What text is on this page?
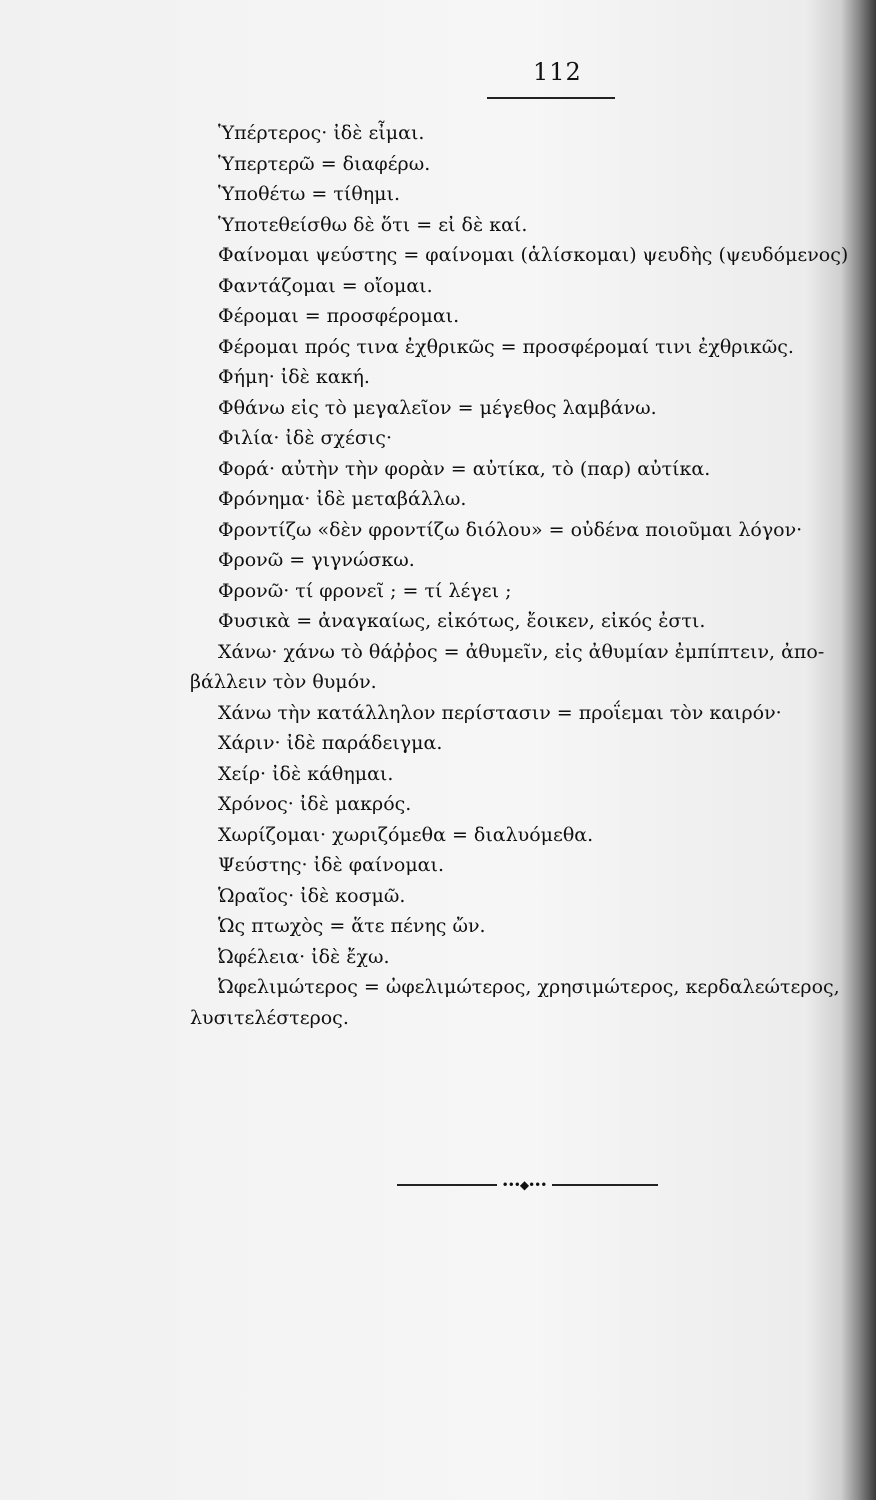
112
Ὑπέρτερος· ἰδὲ εἶμαι.
Ὑπερτερῶ = διαφέρω.
Ὑποθέτω = τίθημι.
Ὑποτεθείσθω δὲ ὅτι = εἰ δὲ καί.
Φαίνομαι ψεύστης = φαίνομαι (ἁλίσκομαι) ψευδὴς (ψευδόμενος)
Φαντάζομαι = οἴομαι.
Φέρομαι = προσφέρομαι.
Φέρομαι πρός τινα ἐχθρικῶς = προσφέρομαί τινι ἐχθρικῶς.
Φήμη· ἰδὲ κακή.
Φθάνω εἰς τὸ μεγαλεῖον = μέγεθος λαμβάνω.
Φιλία· ἰδὲ σχέσις·
Φορά· αὐτὴν τὴν φορὰν = αὐτίκα, τὸ (παρ) αὐτίκα.
Φρόνημα· ἰδὲ μεταβάλλω.
Φροντίζω «δὲν φροντίζω διόλου» = οὐδένα ποιοῦμαι λόγον·
Φρονῶ = γιγνώσκω.
Φρονῶ· τί φρονεῖ ; = τί λέγει ;
Φυσικὰ = ἀναγκαίως, εἰκότως, ἔοικεν, εἰκός ἐστι.
Χάνω· χάνω τὸ θάῤῥος = ἀθυμεῖν, εἰς ἀθυμίαν ἐμπίπτειν, ἀπο-
βάλλειν τὸν θυμόν.
Χάνω τὴν κατάλληλον περίστασιν = προΐεμαι τὸν καιρόν·
Χάριν· ἰδὲ παράδειγμα.
Χείρ· ἰδὲ κάθημαι.
Χρόνος· ἰδὲ μακρός.
Χωρίζομαι· χωριζόμεθα = διαλυόμεθα.
Ψεύστης· ἰδὲ φαίνομαι.
Ὡραῖος· ἰδὲ κοσμῶ.
Ὡς πτωχὸς = ἅτε πένης ὤν.
Ὠφέλεια· ἰδὲ ἔχω.
Ὠφελιμώτερος = ὠφελιμώτερος, χρησιμώτερος, κερδαλεώτερος,
λυσιτελέστερος.
•••◆•••
